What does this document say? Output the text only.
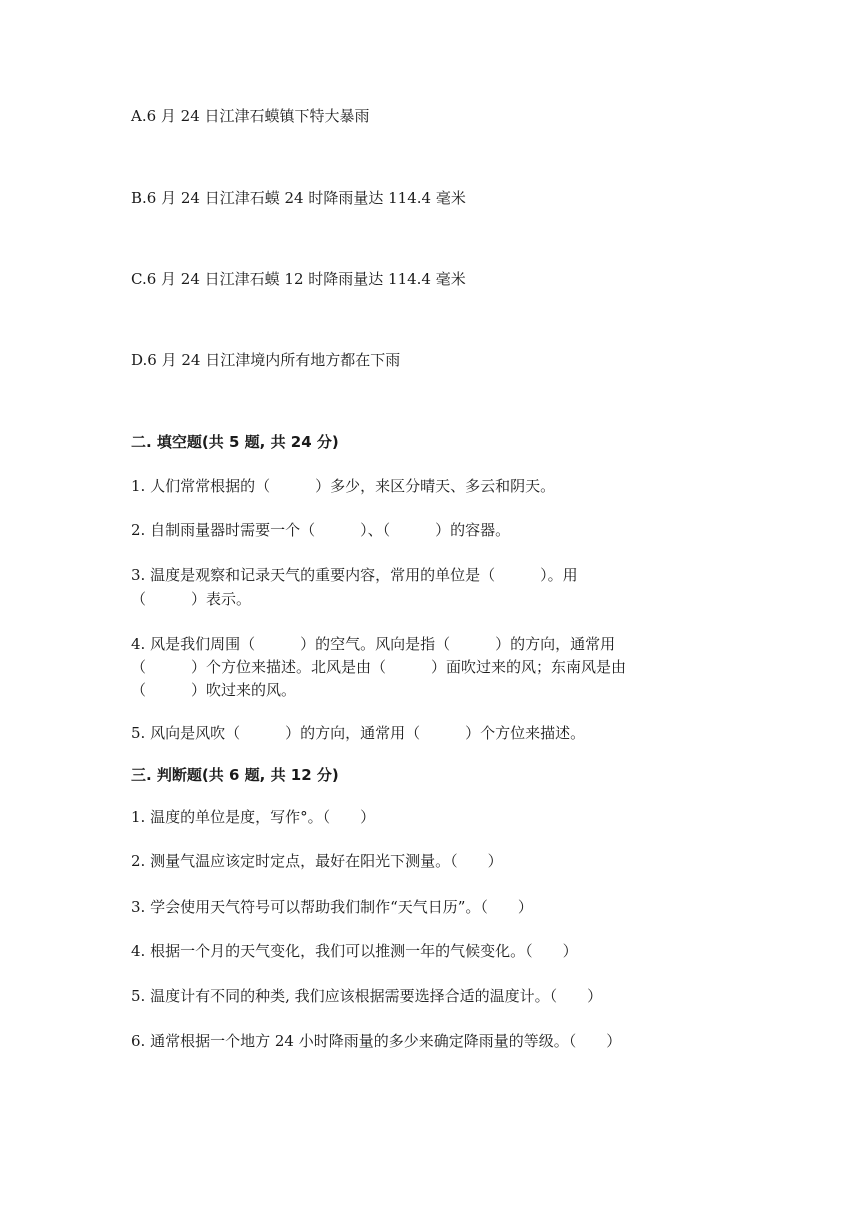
A.6 月 24 日江津石蟆镇下特大暴雨
B.6 月 24 日江津石蟆 24 时降雨量达 114.4 毫米
C.6 月 24 日江津石蟆 12 时降雨量达 114.4 毫米
D.6 月 24 日江津境内所有地方都在下雨
二. 填空题(共 5 题, 共 24 分)
1. 人们常常根据的（　　　）多少，来区分晴天、多云和阴天。
2. 自制雨量器时需要一个（　　　）、（　　　）的容器。
3. 温度是观察和记录天气的重要内容，常用的单位是（　　　）。用
（　　　）表示。
4. 风是我们周围（　　　）的空气。风向是指（　　　）的方向，通常用
（　　　）个方位来描述。北风是由（　　　）面吹过来的风；东南风是由
（　　　）吹过来的风。
5. 风向是风吹（　　　）的方向，通常用（　　　）个方位来描述。
三. 判断题(共 6 题, 共 12 分)
1. 温度的单位是度，写作°。（　　）
2. 测量气温应该定时定点，最好在阳光下测量。（　　）
3. 学会使用天气符号可以帮助我们制作“天气日历”。（　　）
4. 根据一个月的天气变化，我们可以推测一年的气候变化。（　　）
5. 温度计有不同的种类, 我们应该根据需要选择合适的温度计。（　　）
6. 通常根据一个地方 24 小时降雨量的多少来确定降雨量的等级。（　　）
